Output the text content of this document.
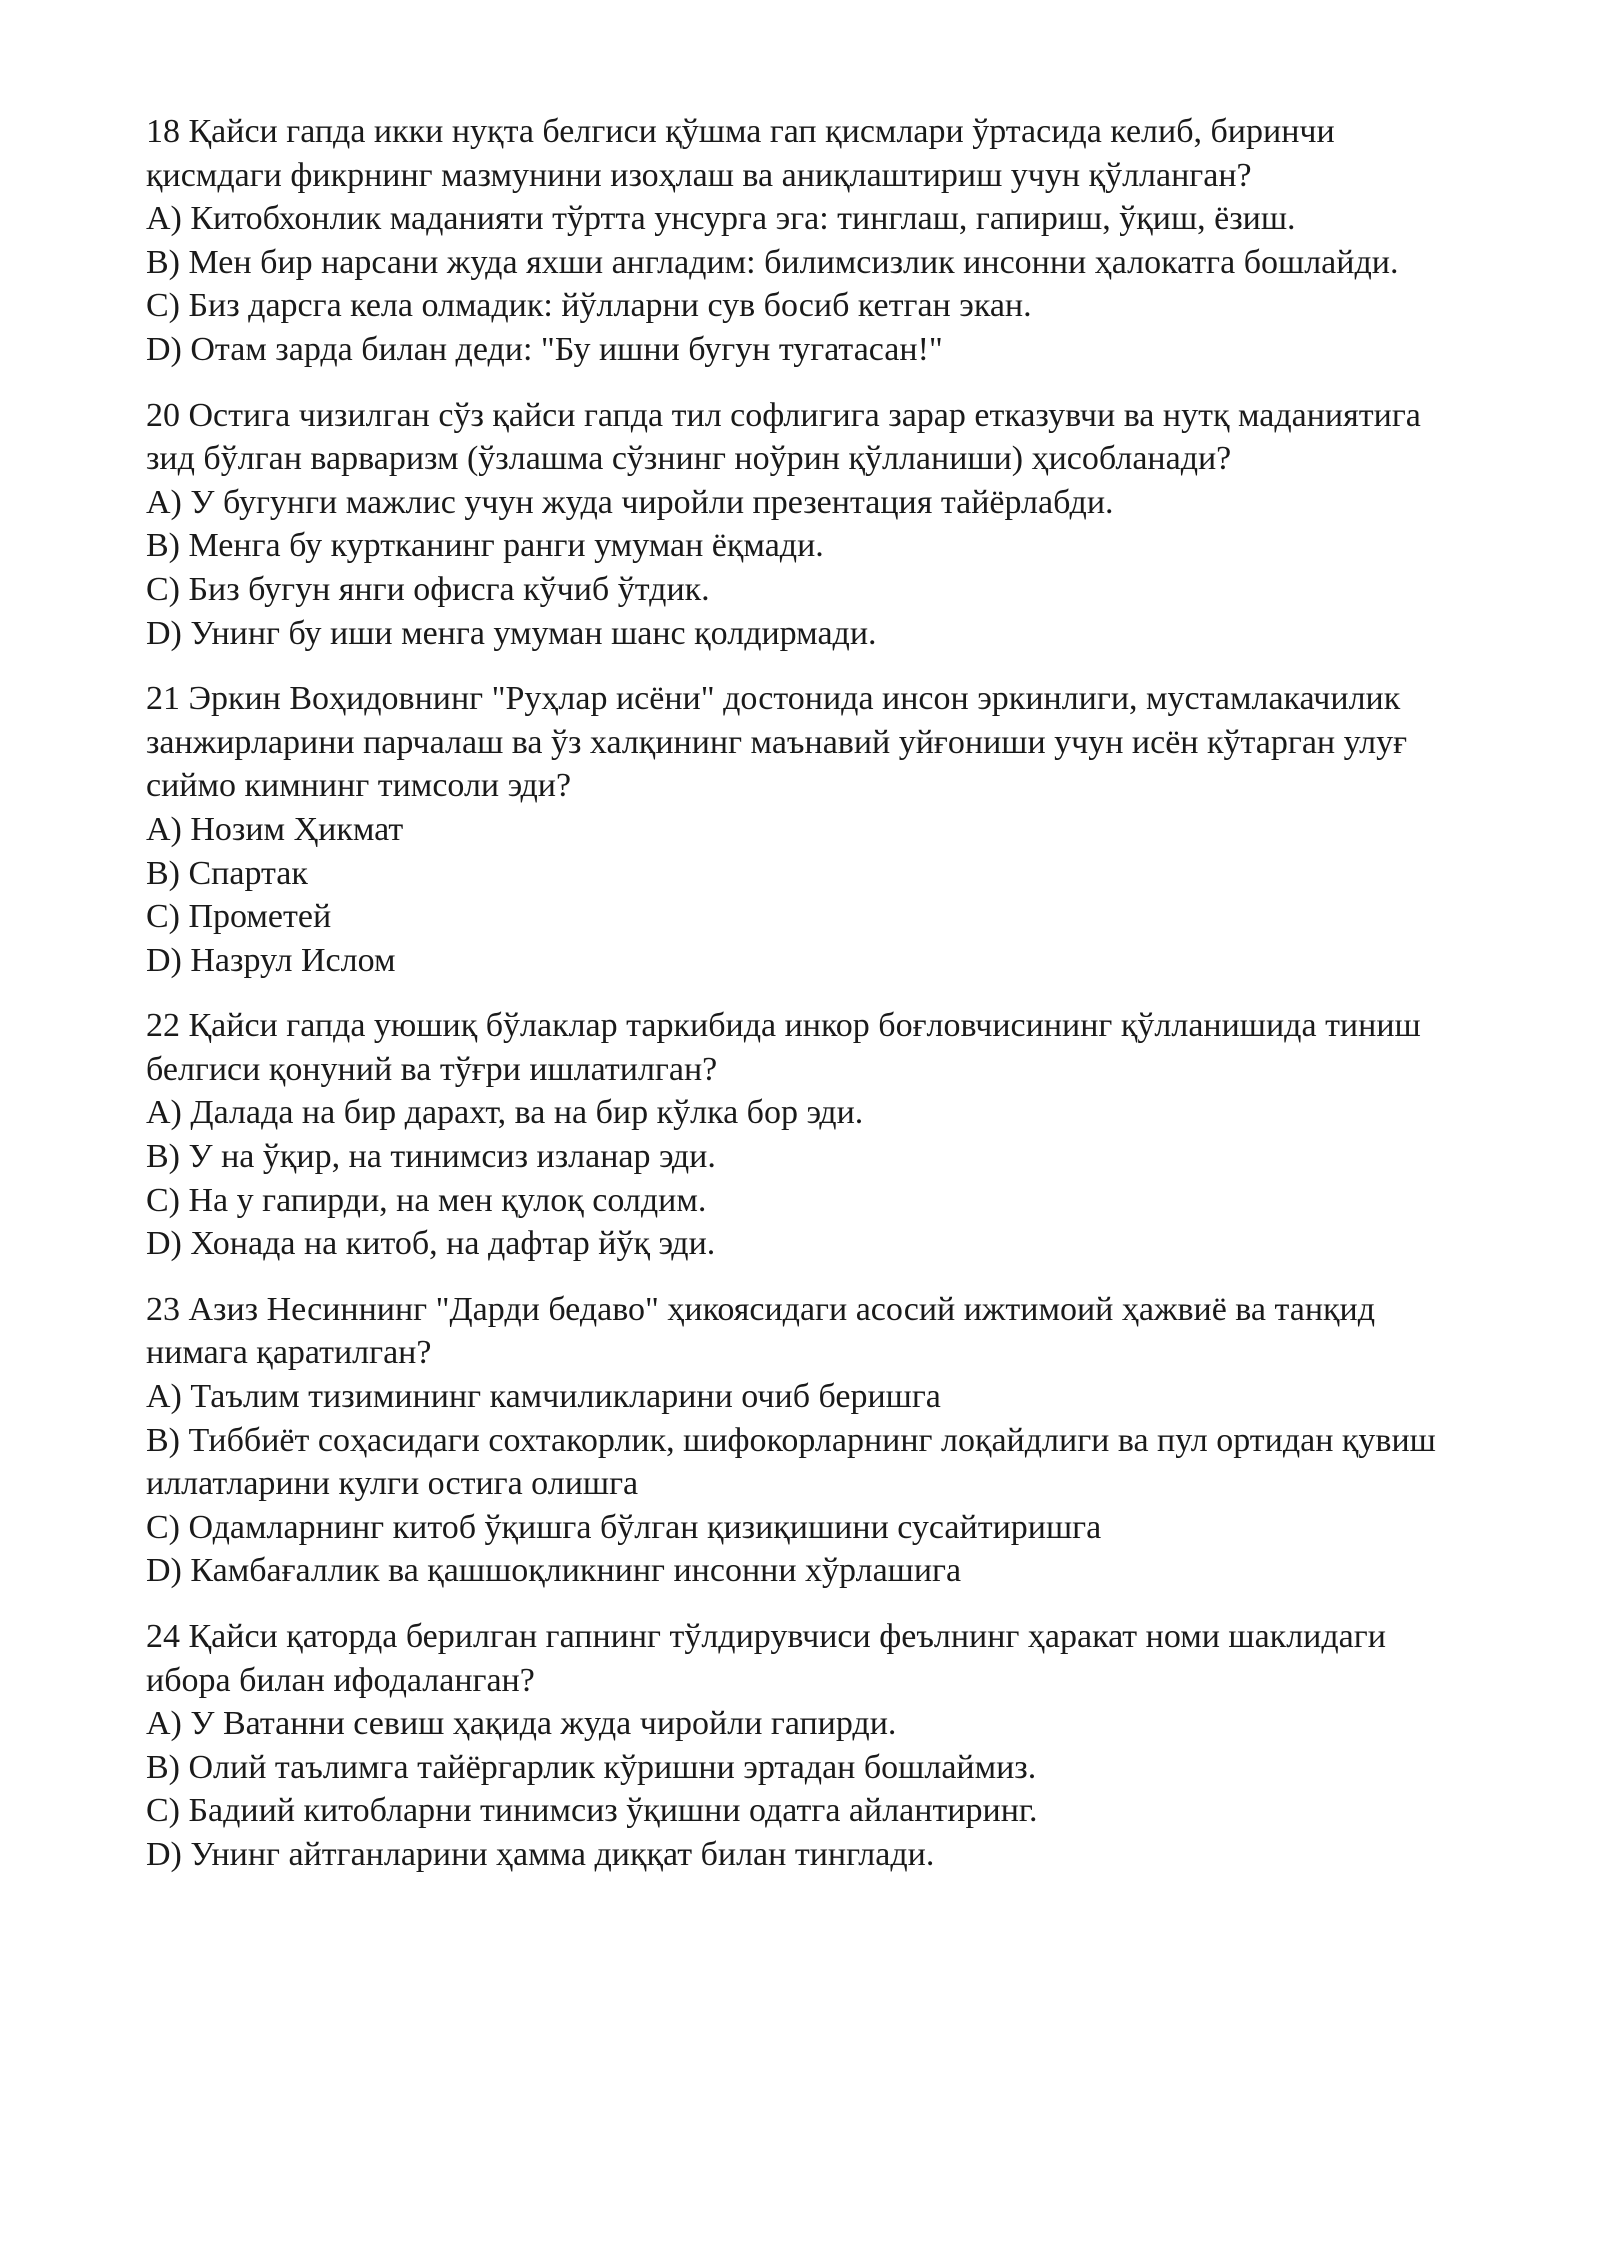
18 Қайси гапда икки нуқта белгиси қўшма гап қисмлари ўртасида келиб, биринчи қисмдаги фикрнинг мазмунини изоҳлаш ва аниқлаштириш учун қўлланган?

A) Китобхонлик маданияти тўртта унсурга эга: тинглаш, гапириш, ўқиш, ёзиш.

B) Мен бир нарсани жуда яхши англадим: билимсизлик инсонни ҳалокатга бошлайди.

C) Биз дарсга кела олмадик: йўлларни сув босиб кетган экан.

D) Отам зарда билан деди: "Бу ишни бугун тугатасан!"

20 Остига чизилган сўз қайси гапда тил софлигига зарар етказувчи ва нутқ маданиятига зид бўлган варваризм (ўзлашма сўзнинг ноўрин қўлланиши) ҳисобланади?

A) У бугунги мажлис учун жуда чиройли презентация тайёрлабди.

B) Менга бу куртканинг ранги умуман ёқмади.

C) Биз бугун янги офисга кўчиб ўтдик.

D) Унинг бу иши менга умуман шанс қолдирмади.

21 Эркин Воҳидовнинг "Руҳлар исёни" достонида инсон эркинлиги, мустамлакачилик занжирларини парчалаш ва ўз халқининг маънавий уйғониши учун исён кўтарган улуғ сиймо кимнинг тимсоли эди?

A) Нозим Ҳикмат

B) Спартак

C) Прометей

D) Назрул Ислом

22 Қайси гапда уюшиқ бўлаклар таркибида инкор боғловчисининг қўлланишида тиниш белгиси қонуний ва тўғри ишлатилган?

A) Далада на бир дарахт, ва на бир кўлка бор эди.

B) У на ўқир, на тинимсиз изланар эди.

C) На у гапирди, на мен қулоқ солдим.

D) Хонада на китоб, на дафтар йўқ эди.

23 Азиз Несиннинг "Дарди бедаво" ҳикоясидаги асосий ижтимоий ҳажвиё ва танқид нимага қаратилган?

A) Таълим тизимининг камчиликларини очиб беришга

B) Тиббиёт соҳасидаги сохтакорлик, шифокорларнинг лоқайдлиги ва пул ортидан қувиш иллатларини кулги остига олишга

C) Одамларнинг китоб ўқишга бўлган қизиқишини сусайтиришга

D) Камбағаллик ва қашшоқликнинг инсонни хўрлашига

24 Қайси қаторда берилган гапнинг тўлдирувчиси феълнинг ҳаракат номи шаклидаги ибора билан ифодаланган?

A) У Ватанни севиш ҳақида жуда чиройли гапирди.

B) Олий таълимга тайёргарлик кўришни эртадан бошлаймиз.

C) Бадиий китобларни тинимсиз ўқишни одатга айлантиринг.

D) Унинг айтганларини ҳамма диққат билан тинглади.
